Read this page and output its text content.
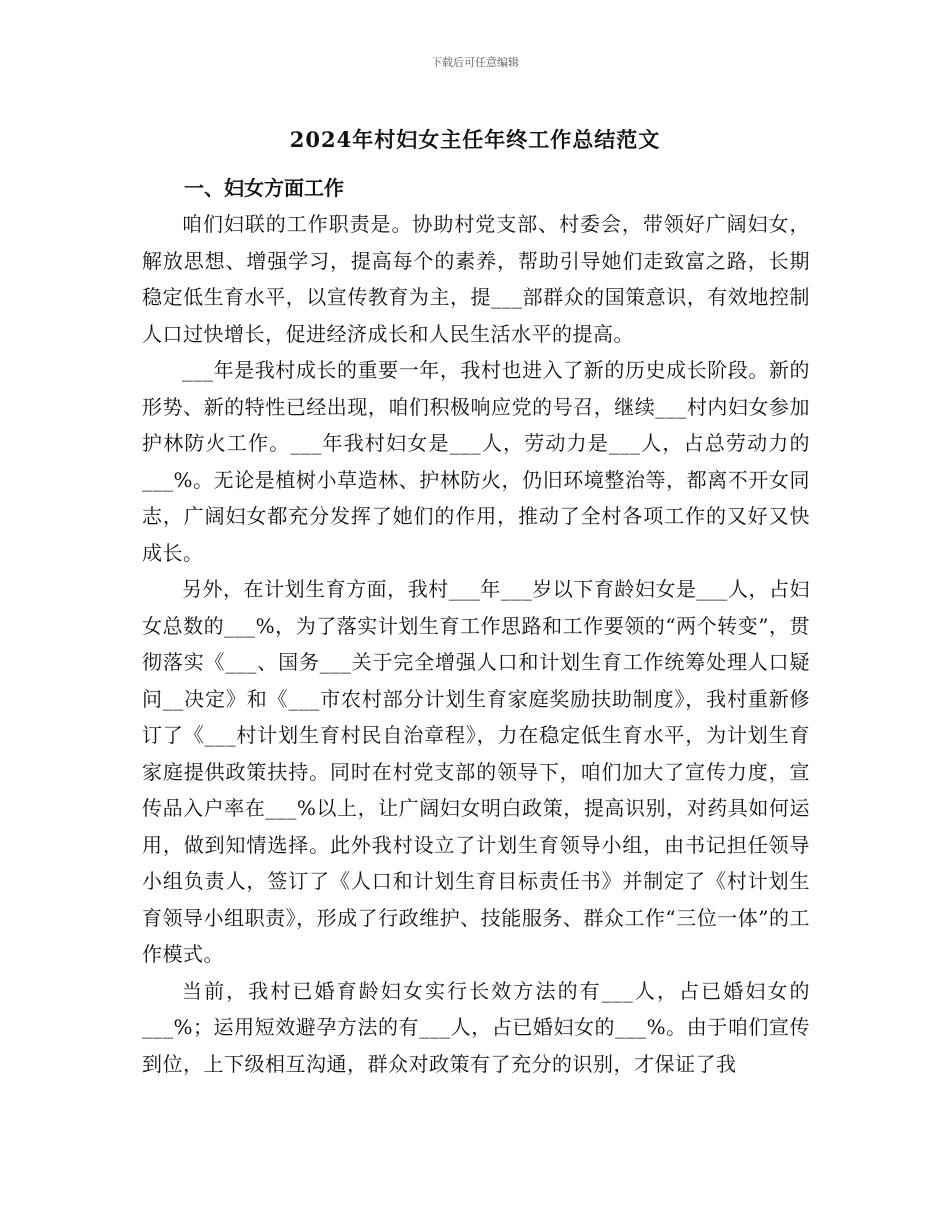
下载后可任意编辑
2024年村妇女主任年终工作总结范文

一、妇女方面工作

咱们妇联的工作职责是。协助村党支部、村委会，带领好广阔妇女，解放思想、增强学习，提高每个的素养，帮助引导她们走致富之路，长期稳定低生育水平，以宣传教育为主，提___部群众的国策意识，有效地控制人口过快增长，促进经济成长和人民生活水平的提高。

___年是我村成长的重要一年，我村也进入了新的历史成长阶段。新的形势、新的特性已经出现，咱们积极响应党的号召，继续___村内妇女参加护林防火工作。___年我村妇女是___人，劳动力是___人，占总劳动力的___%。无论是植树小草造林、护林防火，仍旧环境整治等，都离不开女同志，广阔妇女都充分发挥了她们的作用，推动了全村各项工作的又好又快成长。

另外，在计划生育方面，我村___年___岁以下育龄妇女是___人，占妇女总数的___%，为了落实计划生育工作思路和工作要领的“两个转变”，贯彻落实《___、国务___关于完全增强人口和计划生育工作统筹处理人口疑问__决定》和《___市农村部分计划生育家庭奖励扶助制度》，我村重新修订了《___村计划生育村民自治章程》，力在稳定低生育水平，为计划生育家庭提供政策扶持。同时在村党支部的领导下，咱们加大了宣传力度，宣传品入户率在___%以上，让广阔妇女明白政策，提高识别，对药具如何运用，做到知情选择。此外我村设立了计划生育领导小组，由书记担任领导小组负责人，签订了《人口和计划生育目标责任书》并制定了《村计划生育领导小组职责》，形成了行政维护、技能服务、群众工作“三位一体”的工作模式。

当前，我村已婚育龄妇女实行长效方法的有___人，占已婚妇女的___%；运用短效避孕方法的有___人，占已婚妇女的___%。由于咱们宣传到位，上下级相互沟通，群众对政策有了充分的识别，才保证了我
